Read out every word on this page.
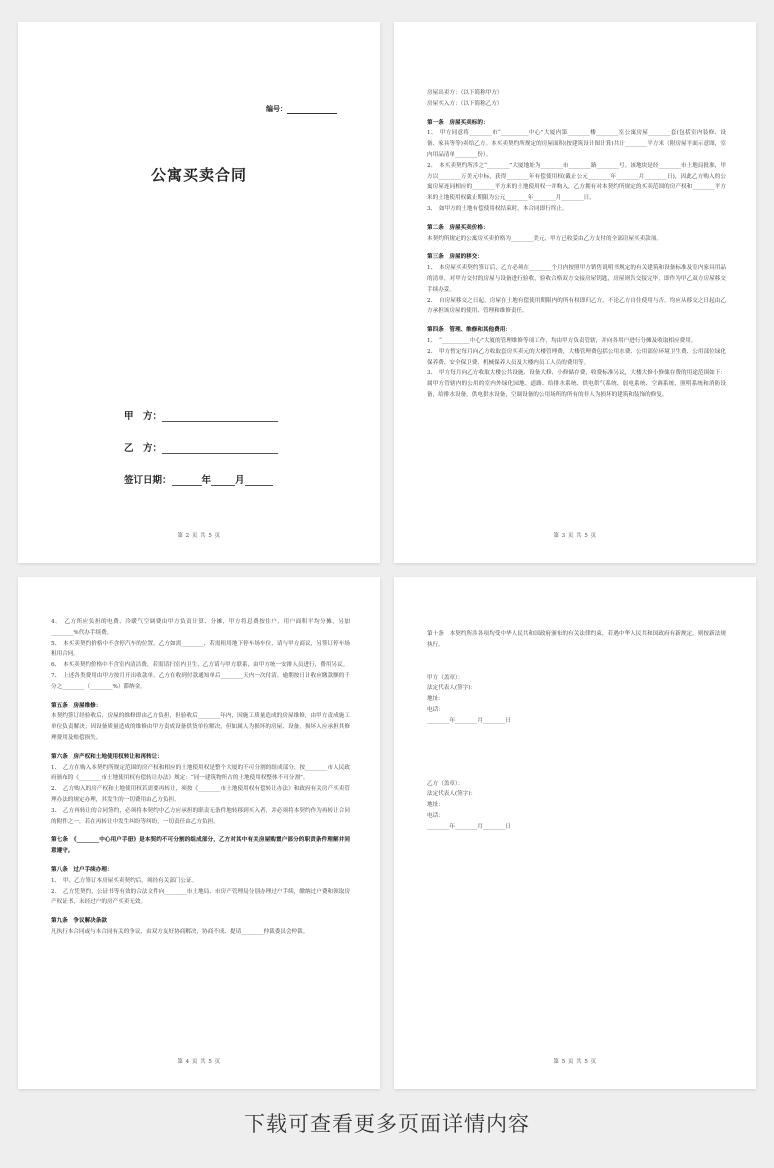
编号：
公寓买卖合同
甲　方：
乙　方：
签订日期：	年	月
第 2 页 共 5 页

房屋出卖方：（以下简称甲方）

房屋买入方：（以下简称乙方）

第一条　房屋买卖标的：

1、　甲方同意将________市“__________中心”大厦内第________楼________室公寓房屋________套(包括室内装修、设备、家具等等)卖给乙方。本买卖契约所规定的房屋面积(按建筑设计图计算)共计________平方米（附房屋平面示意图，室内用品清单________份）。

2、　本买卖契约所涉之“________”大厦地址为________市________路________号。该地块是经________市土地局批准，甲方以________万美元中标，获得________年有偿使用权(截止公元________年________月________日)，因此乙方购入的公寓房屋连同相应的________平方米的土地使用权一并购入，乙方拥有对本契约所规定的买卖范围的房产权和________平方米的土地使用权截止期限为公元________年________月________日。

3、　如甲方的土地有偿使用权结束时，本合同即行终止。

第二条　房屋买卖价格：

本契约所规定的公寓房买卖价格为________美元，甲方已收妥由乙方支付的全部房屋买卖款项。

第三条　房屋的移交：

1、　本房屋买卖契约签订后，乙方必须在________个月内按照甲方销售说明书规定的有关建筑和设备标准及室内家具用品的清单，对甲方交付的房屋与设备进行验收，验收合格双方交接房屋钥匙，房屋则告交接完毕，即作为甲乙双方房屋移交手续办妥。

2、　自房屋移交之日起，房屋在土地有偿使用期限内的所有权即归乙方，不论乙方自住使用与否，均应从移交之日起由乙方承担该房屋的使用、管理和维修责任。

第四条　管理、维修和其他费用：

1、　“__________中心”大厦的管理维修等项工作，均由甲方负责管辖，并向各用户进行分摊及收取相应费用。

2、　甲方暂定每月向乙方收取套房买卖元的大楼管理费，大楼管理费包括公用水费、公用部位环境卫生费、公用部位绿化保养费、安全保卫费、机械保养人员及大楼内员工人员的费用等。

3、　甲方每月向乙方收取大楼公共设施、设备大修、小修储存费，收费标准另议，大楼大修小修储存费的用途范围如下：属甲方管辖内的公用的室内外绿化园地、道路、给排水系统、供电供气系统、弱电系统、空调系统、照明系统和消防设备，给排水设备，供电供水设备，空调设备的公用场所的所有的非人为损坏的建筑和装饰的修复。

第 3 页 共 5 页

4、　乙方所应负担的电费、冷暖气空调费由甲方负责计算、分摊，甲方将息费按住户、用户面积平均分摊，另加________%代办手续费。

5、　本买卖契约价格中不含停汽车的位置，乙方如需________，若需租用地下停车场车位，请与甲方商议，另签订停车场租用合同。

6、　本买卖契约价格中不含室内清洁费，若需请扫室内卫生，乙方请与甲方联系，由甲方统一安排人员进行，费用另议。

7、　上述各类费用由甲方按月开出收款单，乙方在收到付款通知单后________天内一次付清。逾期按日计收应缴款额的千分之________（________%）滞纳金。

第五条　房屋维修：

本契约签订经验收后，房屋的维修即由乙方负担，但验收后________年内，因施工质量造成的房屋维修，由甲方责成施工单位负责解决；因设备质量造成的维修由甲方责成设备供货单位解决，但如属人为损坏的房屋、设备，损坏人应承担其修理费用及赔偿损失。

第六条　房产权和土地使用权转让和再转让：

1、　乙方在购入本契约所规定范围的房产权和相应的土地使用权是整个大厦的不可分割的组成部分，按________市人民政府颁布的《________市土地使用权有偿转让办法》规定：“同一建筑物所占的土地使用权整体不可分割”。

2、　乙方购入的房产权和土地使用权若需要再转让，须按《________市土地使用权有偿转让办法》和政府有关房产买卖管理办法的规定办理，其发生的一切费用由乙方负担。

3、　乙方再转让的合同签约，必须将本契约中乙方应承担的职责无条件地转移到买入者，并必须将本契约作为再转让合同的附件之一，若在再转让中发生纠纷等纠纷，一切责任由乙方负担。

第七条　《________中心用户手册》是本契约不可分割的组成部分，乙方对其中有关房屋购置户部分的职责条件理解并同意遵守。

第八条　过户手续办理：

1、　甲、乙方签订本房屋买卖契约后，须经有关部门公证。

2、　乙方凭契约，公证书等有效的合法文件向________市土地局、市房产管理局分别办理过户手续，缴纳过户费和领取房产权证书，未经过户的房产买卖无效。

第九条　争议解决条款

凡执行本合同或与本合同有关的争议，由双方友好协商解决，协商不成，提请________仲裁委员会仲裁。

第 4 页 共 5 页

第十条　本契约所涉各项均受中华人民共和国政府颁布的有关法律约束，若遇中华人民共和国政府有新规定，则按新法规执行。

甲方（盖章）：

法定代表人(签字)：

地址：

电话：

________年________月________日

乙方（盖章）：

法定代表人(签字)：

地址：

电话：

________年________月________日

第 5 页 共 5 页
下载可查看更多页面详情内容
